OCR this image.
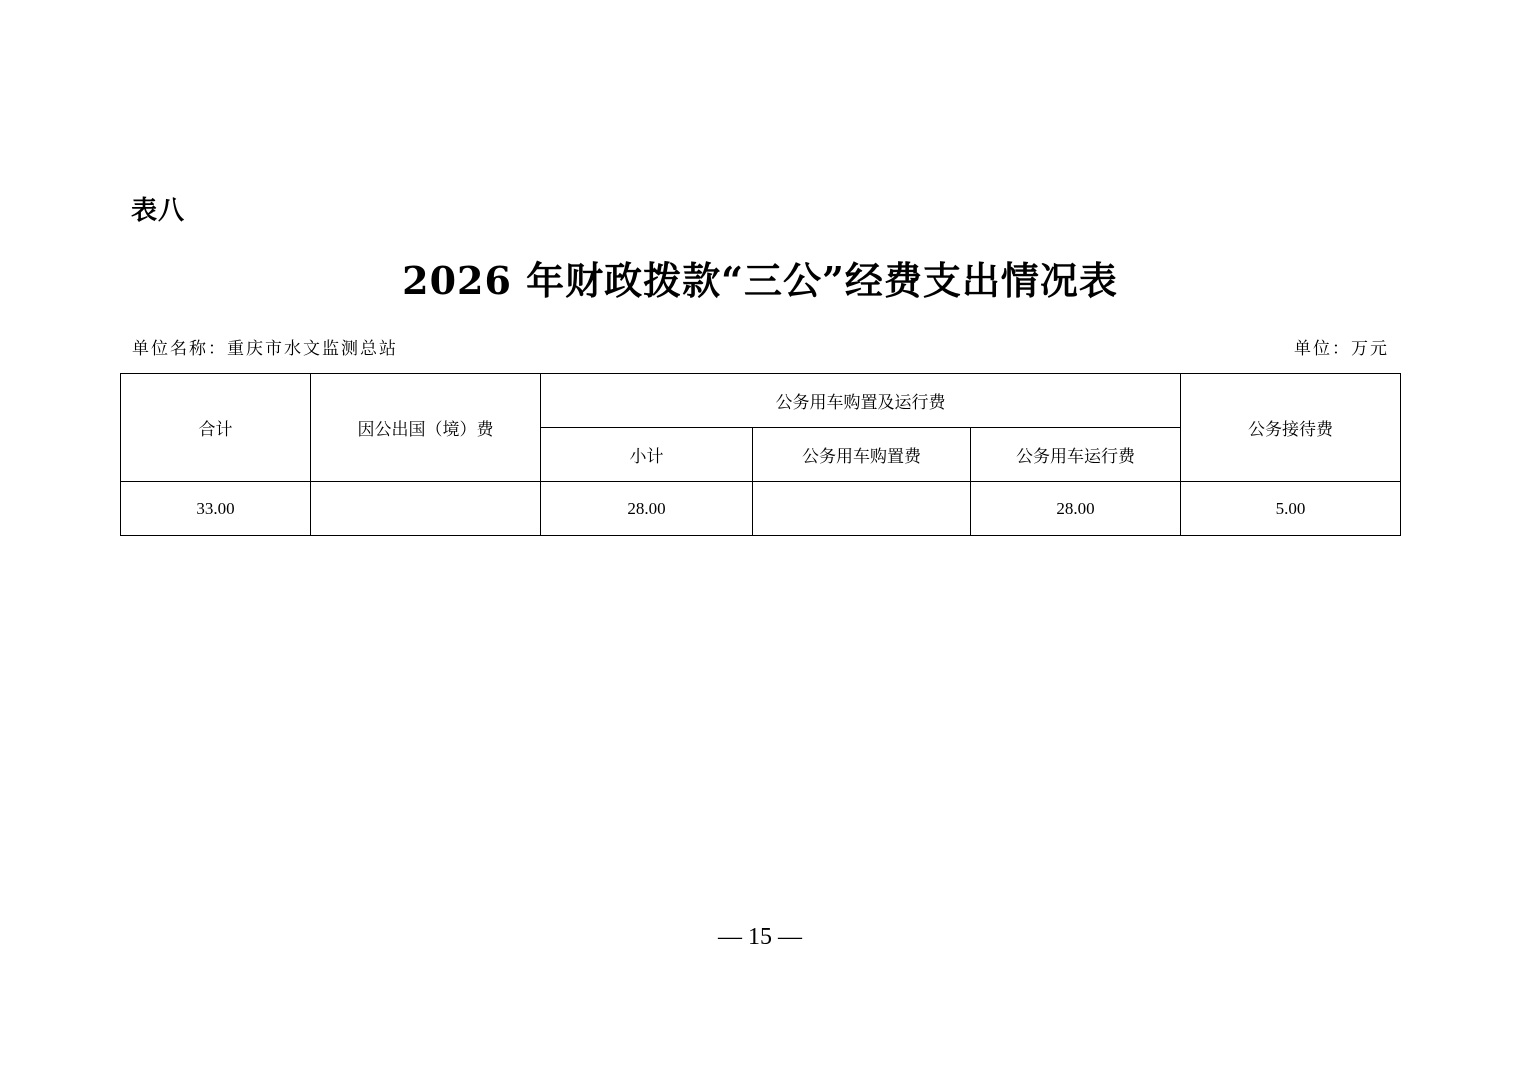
表八
2026 年财政拨款“三公”经费支出情况表
单位名称：重庆市水文监测总站	单位：万元
合计	因公出国（境）费	公务用车购置及运行费			公务接待费
		小计	公务用车购置费	公务用车运行费	
33.00		28.00		28.00	5.00
— 15 —
